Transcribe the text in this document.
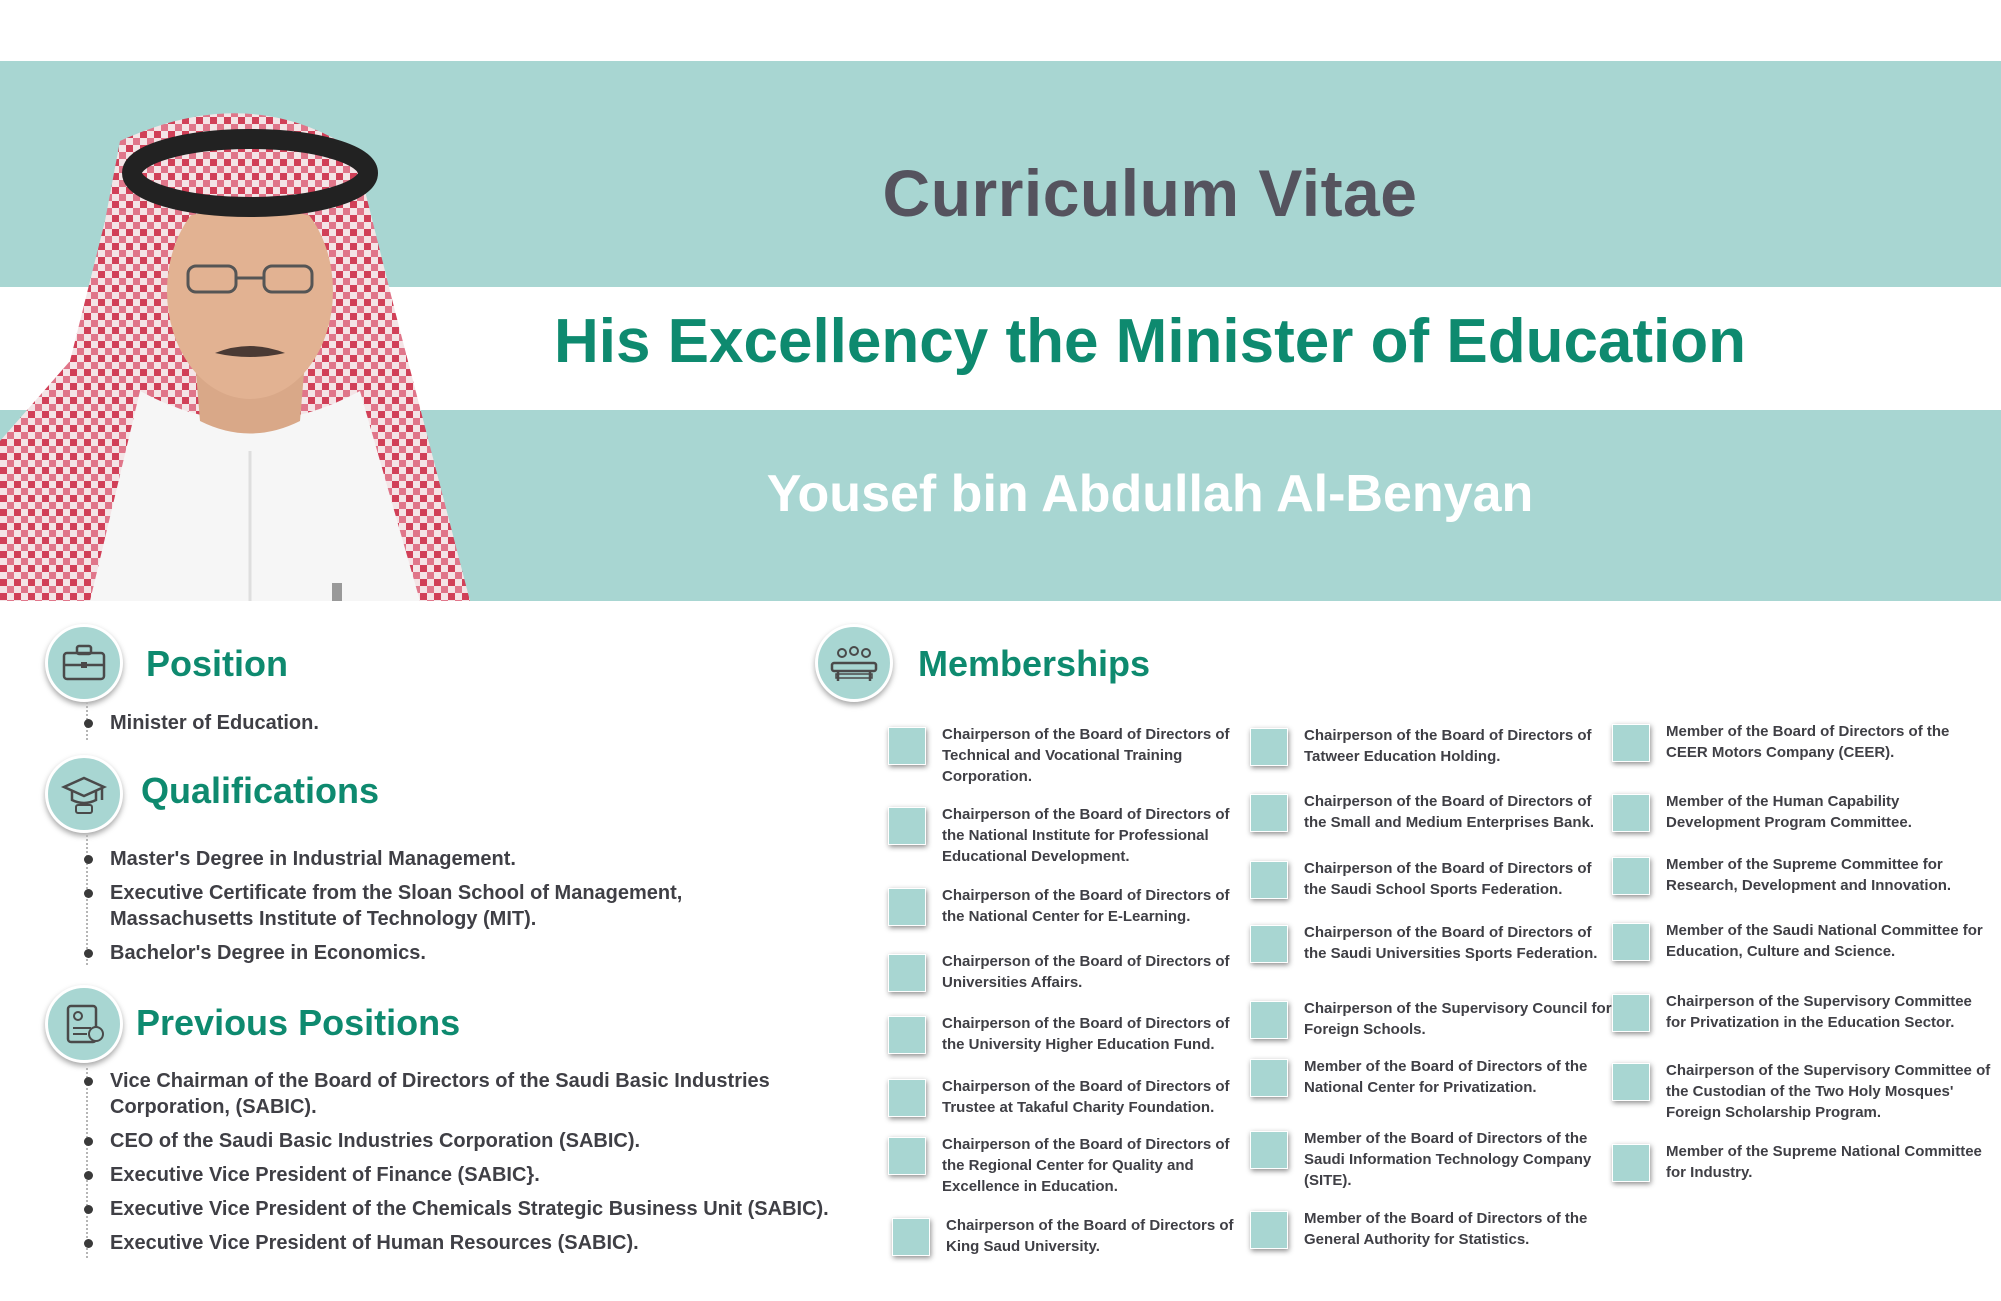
Curriculum Vitae
His Excellency the Minister of Education
Yousef bin Abdullah Al-Benyan
Position
Minister of Education.
Qualifications
Master's Degree in Industrial Management.
Executive Certificate from the Sloan School of Management, Massachusetts Institute of Technology (MIT).
Bachelor's Degree in Economics.
Previous Positions
Vice Chairman of the Board of Directors of the Saudi Basic Industries Corporation, (SABIC).
CEO of the Saudi Basic Industries Corporation (SABIC).
Executive Vice President of Finance (SABIC}.
Executive Vice President of the Chemicals Strategic Business Unit (SABIC).
Executive Vice President of Human Resources (SABIC).
Memberships
Chairperson of the Board of Directors of Technical and Vocational Training Corporation.
Chairperson of the Board of Directors of the National Institute for Professional Educational Development.
Chairperson of the Board of Directors of the National Center for E-Learning.
Chairperson of the Board of Directors of Universities Affairs.
Chairperson of the Board of Directors of the University Higher Education Fund.
Chairperson of the Board of Directors of Trustee at Takaful Charity Foundation.
Chairperson of the Board of Directors of the Regional Center for Quality and Excellence in Education.
Chairperson of the Board of Directors of King Saud University.
Chairperson of the Board of Directors of Tatweer Education Holding.
Chairperson of the Board of Directors of the Small and Medium Enterprises Bank.
Chairperson of the Board of Directors of the Saudi School Sports Federation.
Chairperson of the Board of Directors of the Saudi Universities Sports Federation.
Chairperson of the Supervisory Council for Foreign Schools.
Member of the Board of Directors of the National Center for Privatization.
Member of the Board of Directors of the Saudi Information Technology Company (SITE).
Member of the Board of Directors of the General Authority for Statistics.
Member of the Board of Directors of the CEER Motors Company (CEER).
Member of the Human Capability Development Program Committee.
Member of the Supreme Committee for Research, Development and Innovation.
Member of the Saudi National Committee for Education, Culture and Science.
Chairperson of the Supervisory Committee for Privatization in the Education Sector.
Chairperson of the Supervisory Committee of the Custodian of the Two Holy Mosques' Foreign Scholarship Program.
Member of the Supreme National Committee for Industry.
